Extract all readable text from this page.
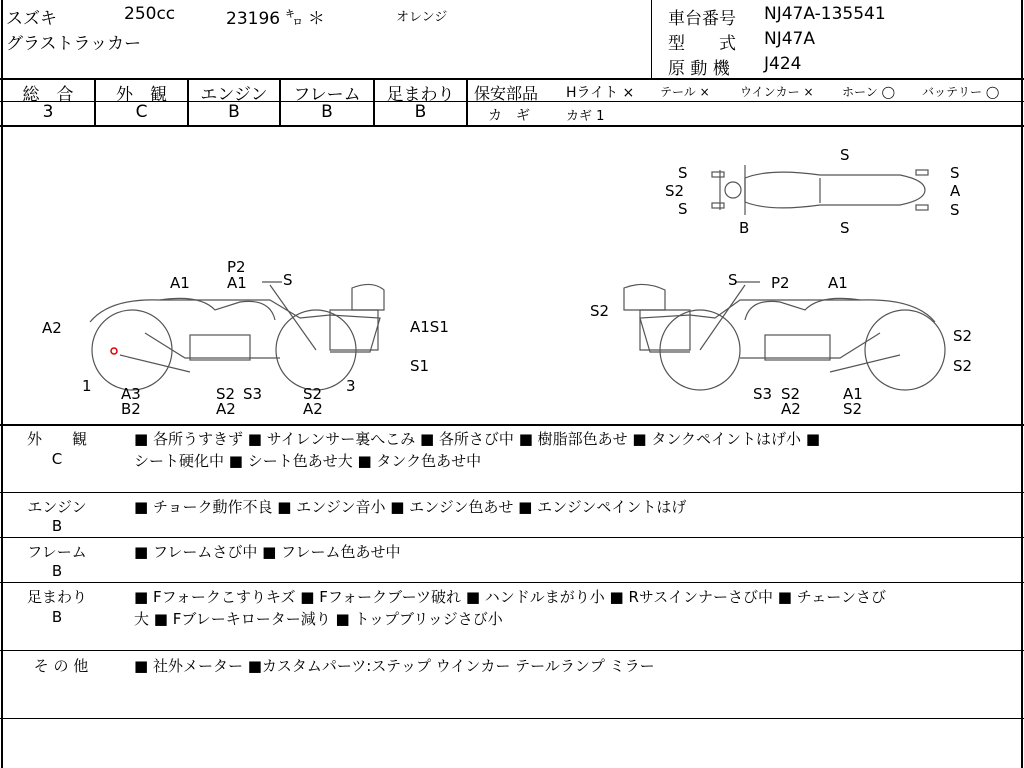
スズキ	250cc	23196 ㌔ ＊	オレンジ
グラストラッカー
車台番号 NJ47A-135541
型　　式 NJ47A
原 動 機 J424
総　合
3
外　観
C
エンジン
B
フレーム
B
足まわり
B
保安部品 Hライト × テール ×	ウインカー × ホーン ◯ バッテリー ◯
カ　ギ	カギ 1
S
S2
S
B	S
S
S
A
S
P2
A1 S
A1
A2	A1S1
S1
1	3
A3
B2
S2
A2
S3	S2
A2
S P2	A1
S2
S2
S2
S3 S2
A2
A1
S2
外　　観
C
■ 各所うすきず ■ サイレンサー裏へこみ ■ 各所さび中 ■ 樹脂部色あせ ■ タンクペイントはげ小 ■
シート硬化中 ■ シート色あせ大 ■ タンク色あせ中
エンジン
B
■ チョーク動作不良 ■ エンジン音小 ■ エンジン色あせ ■ エンジンペイントはげ
フレーム
B
■ フレームさび中 ■ フレーム色あせ中
足まわり
B
■ Fフォークこすりキズ ■ Fフォークブーツ破れ ■ ハンドルまがり小 ■ Rサスインナーさび中 ■ チェーンさび
大 ■ Fブレーキローター減り ■ トップブリッジさび小
そ の 他	■ 社外メーター ■カスタムパーツ:ステップ ウインカー テールランプ ミラー
